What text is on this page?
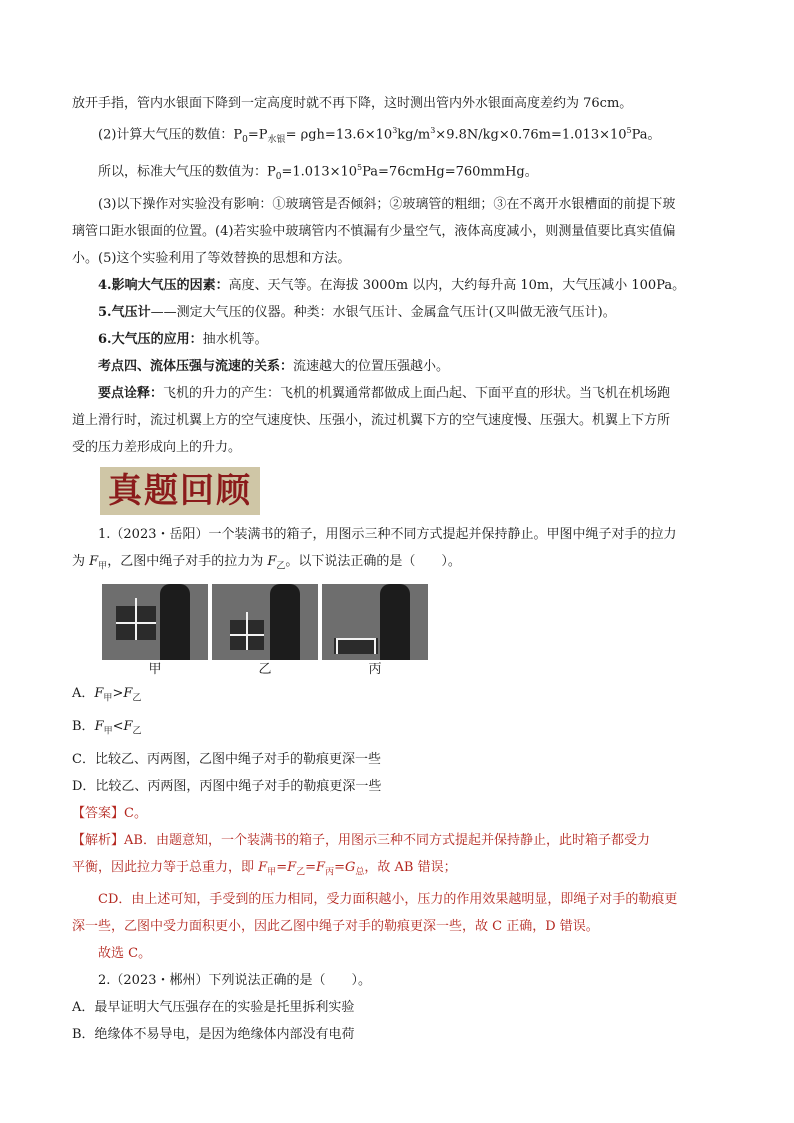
放开手指，管内水银面下降到一定高度时就不再下降，这时测出管内外水银面高度差约为 76cm。
(2)计算大气压的数值：$P_0=P_{水银}= \rho gh=13.6\times 10^3kg/m^3\times 9.8N/kg\times 0.76m=1.013\times 10^5Pa$。
所以，标准大气压的数值为：$P_0=1.013\times 10^5Pa=76cmHg=760mmHg$。
(3)以下操作对实验没有影响：①玻璃管是否倾斜；②玻璃管的粗细；③在不离开水银槽面的前提下玻
璃管口距水银面的位置。(4)若实验中玻璃管内不慎漏有少量空气，液体高度减小，则测量值要比真实值偏
小。(5)这个实验利用了等效替换的思想和方法。
4.影响大气压的因素：高度、天气等。在海拔 3000m 以内，大约每升高 10m，大气压减小 100Pa。
5.气压计——测定大气压的仪器。种类：水银气压计、金属盒气压计(又叫做无液气压计)。
6.大气压的应用：抽水机等。
考点四、流体压强与流速的关系：流速越大的位置压强越小。
要点诠释：飞机的升力的产生：飞机的机翼通常都做成上面凸起、下面平直的形状。当飞机在机场跑
道上滑行时，流过机翼上方的空气速度快、压强小，流过机翼下方的空气速度慢、压强大。机翼上下方所
受的压力差形成向上的升力。
真题回顾
1.（2023・岳阳）一个装满书的箱子，用图示三种不同方式提起并保持静止。甲图中绳子对手的拉力
为 $F_甲$，乙图中绳子对手的拉力为 $F_乙$。以下说法正确的是（　　）。
甲	乙	丙
A．$F_甲>F_乙$
B．$F_甲<F_乙$
C．比较乙、丙两图，乙图中绳子对手的勒痕更深一些
D．比较乙、丙两图，丙图中绳子对手的勒痕更深一些
【答案】C。
【解析】AB．由题意知，一个装满书的箱子，用图示三种不同方式提起并保持静止，此时箱子都受力
平衡，因此拉力等于总重力，即 $F_甲=F_乙=F_丙=G_总$，故 AB 错误；
CD．由上述可知，手受到的压力相同，受力面积越小，压力的作用效果越明显，即绳子对手的勒痕更
深一些，乙图中受力面积更小，因此乙图中绳子对手的勒痕更深一些，故 C 正确，D 错误。
故选 C。
2.（2023・郴州）下列说法正确的是（　　）。
A．最早证明大气压强存在的实验是托里拆利实验
B．绝缘体不易导电，是因为绝缘体内部没有电荷
